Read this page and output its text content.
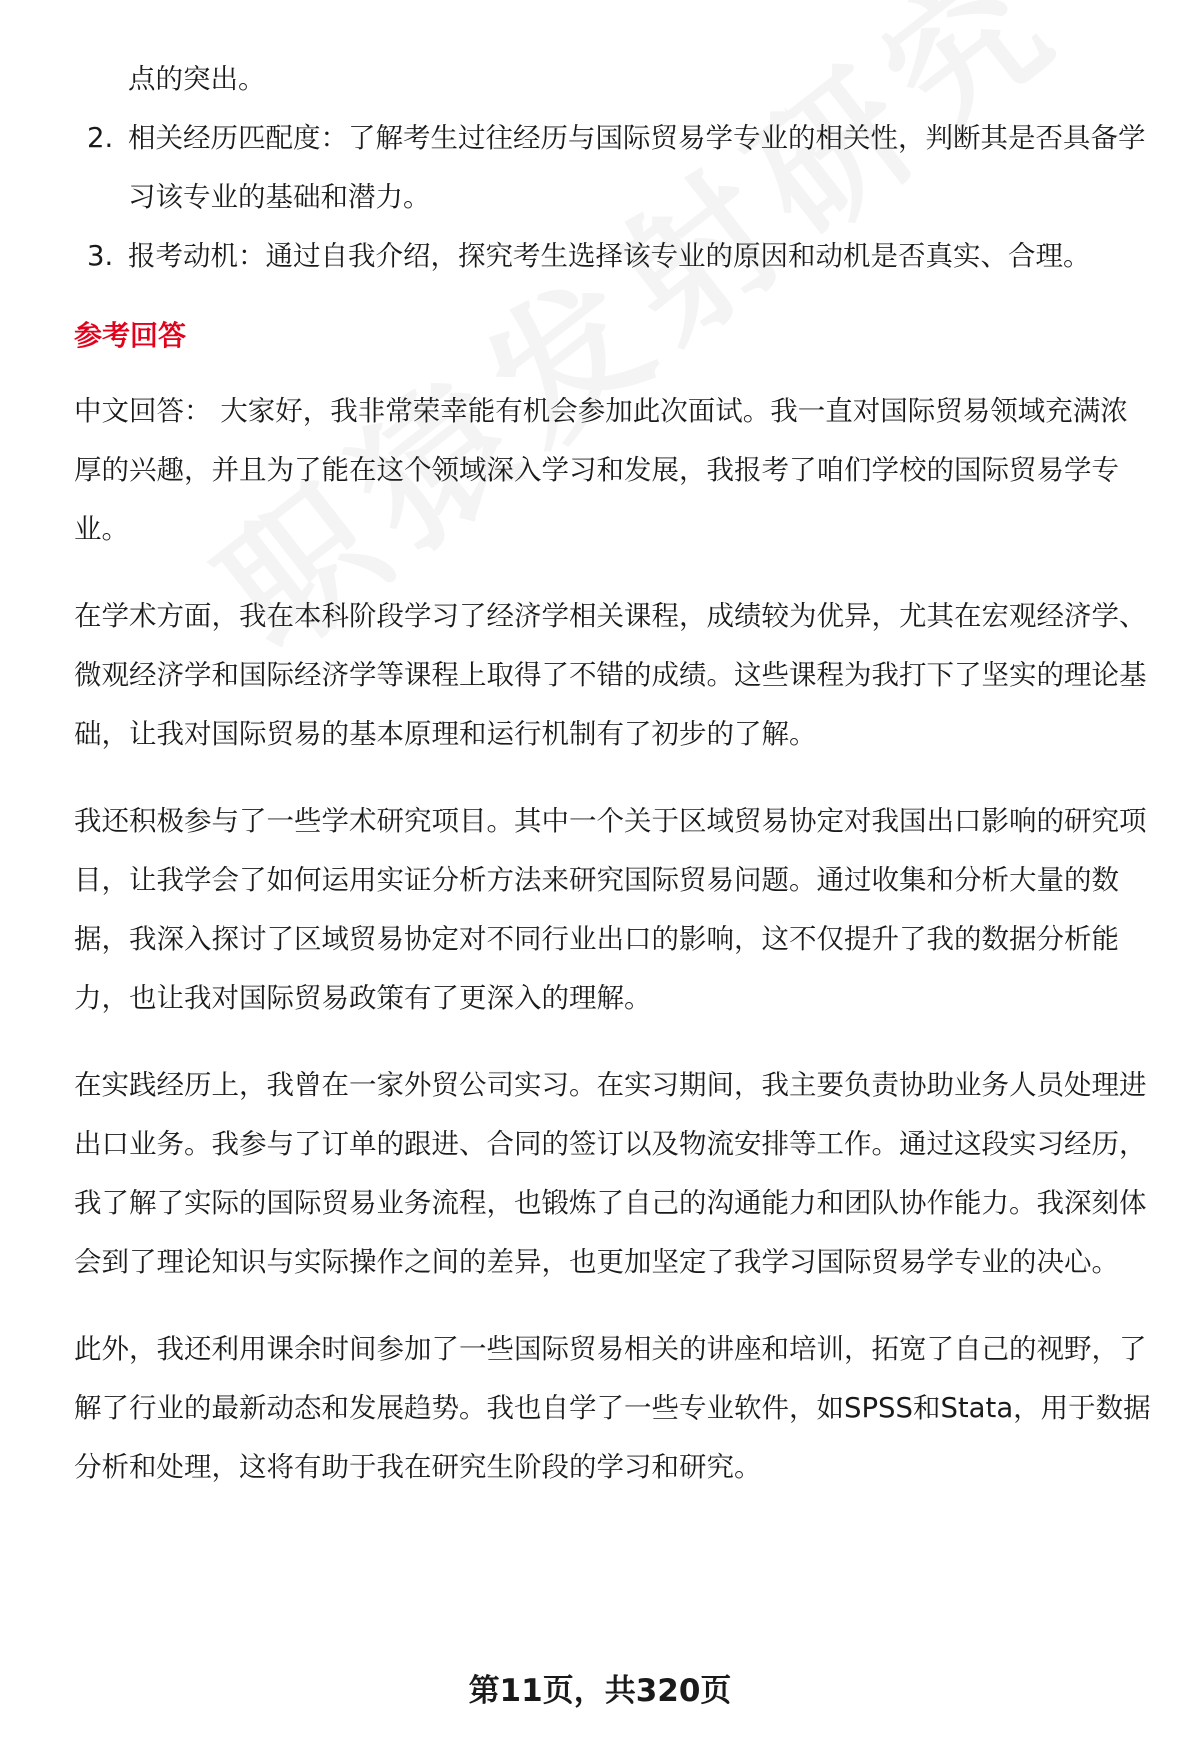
点的突出。

2. 相关经历匹配度：了解考生过往经历与国际贸易学专业的相关性，判断其是否具备学习该专业的基础和潜力。
3. 报考动机：通过自我介绍，探究考生选择该专业的原因和动机是否真实、合理。
参考回答

中文回答： 大家好，我非常荣幸能有机会参加此次面试。我一直对国际贸易领域充满浓厚的兴趣，并且为了能在这个领域深入学习和发展，我报考了咱们学校的国际贸易学专业。

在学术方面，我在本科阶段学习了经济学相关课程，成绩较为优异，尤其在宏观经济学、微观经济学和国际经济学等课程上取得了不错的成绩。这些课程为我打下了坚实的理论基础，让我对国际贸易的基本原理和运行机制有了初步的了解。

我还积极参与了一些学术研究项目。其中一个关于区域贸易协定对我国出口影响的研究项目，让我学会了如何运用实证分析方法来研究国际贸易问题。通过收集和分析大量的数据，我深入探讨了区域贸易协定对不同行业出口的影响，这不仅提升了我的数据分析能力，也让我对国际贸易政策有了更深入的理解。

在实践经历上，我曾在一家外贸公司实习。在实习期间，我主要负责协助业务人员处理进出口业务。我参与了订单的跟进、合同的签订以及物流安排等工作。通过这段实习经历，我了解了实际的国际贸易业务流程，也锻炼了自己的沟通能力和团队协作能力。我深刻体会到了理论知识与实际操作之间的差异，也更加坚定了我学习国际贸易学专业的决心。

此外，我还利用课余时间参加了一些国际贸易相关的讲座和培训，拓宽了自己的视野，了解了行业的最新动态和发展趋势。我也自学了一些专业软件，如SPSS和Stata，用于数据分析和处理，这将有助于我在研究生阶段的学习和研究。

第11页，共320页
